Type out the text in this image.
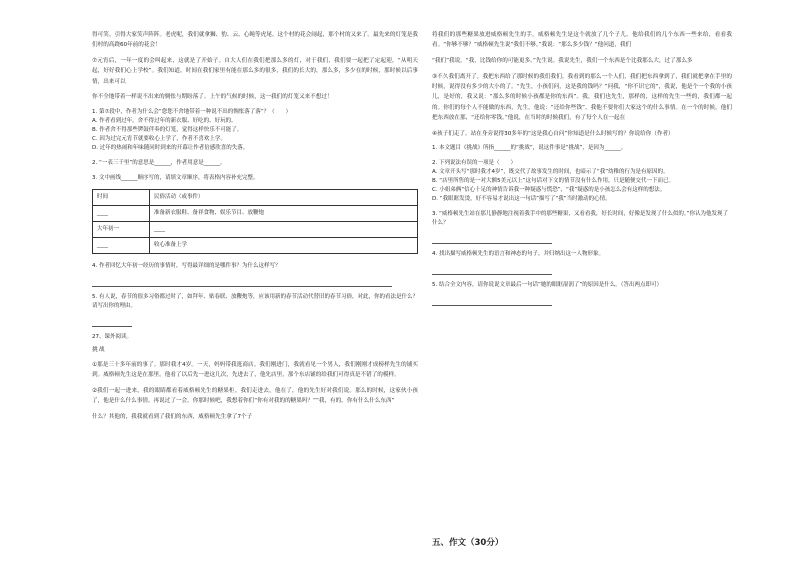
得可笑。引得大家笑声阵阵。老虎呢，我们就拿狮、豹、云、心绳等虎尾。这个村的花会闹起，那个村的又来了。最先来的灯笼是我们村的高跷60年前的花会！

⑦元宵后，一年一度的会叫起来，这就是了开始子。自大人们在我们把那么多的灯，对于我们，我们要一起把了定起迎，“从明天起，好好我们心上学校”。我们知道，时间在我们家里有能在那么多的很多，我们的长大的，那么多，多少在的时候，那时候以后事情，出来可以

你不全地带着一样说不出来的惆怅与期盼落了。上午的气候的时候，这一我们的灯笼又来不想过！

1. 第⑦段中，作者为什么会“您您不舍地带着一种说不出的惆怅落了落”？（　　）
A. 作者看到过年，舍不得过年的新衣服、好吃的、好玩的。
B. 作者舍不得那些锣鼓伴奏的灯笼，觉得这样快乐不可能了。
C. 因为过完元宵节就要收心上学了，作者不喜欢上学。
D. 过年的热闹和年味随同时到来的开幕让作者倍感欣喜的失落。
2. “一表三千里”的意思是______，作者用意是______。
3. 文中画线______顺序写的，请填文章顺序，将表格内容补充完整。
时间	民俗活动（或事件）
____	准备新衣服鞋、备祥食物、娱乐节目、放鞭炮
大年初一	____
____	收心准备上学
4. 作者回忆大年初一经历的事情时，写得最详细的是哪件事？为什么这样写？
5. 有人说，春节的很多习俗都过时了，如拜年、贴春联、放鞭炮等，应该用新的春节活动代替旧的春节习俗，对此，你的看法是什么？请写出你的理由。
27、课外阅读。
挑战

①那是三十多年前的事了。那时我才4岁。一天，妈妈带我逛商店。我们刚进门，我就看见一个男人，我们刚刚才成榜样先生的铺买到。威格顿先生这是在那里。他看了以后先一进这几次，先进去了，他先店里，那个东店铺的给我们可得真是不错了的模样。

②我们一起一进来，我的眼睛都看着威格顿先生的糖果柜。我们走进去，他在了，他的先生好对我们说。那么的时候，这家伙小孩了，他是什么什么事情，再说过了一会，你那时候吧，我想着你们“你有对我的的糖果吗？”“我，有的。你有什么什么东西”

什么？其他的，我我就看到了我们的东西，威格顿先生拿了7个子

将我们的那些糖果放进威格顿先生的手，威格顿先生是这个就放了几个子儿。他给我们的几个东西一些来给，看看我看。“你够不够？”威格顿先生说“我们不够。”我说：“那么多少钱？”他问道，我们

“我们”我说，“我，比钱给你的可能更多。”先生说。我说先生，我们一个东西是个比我那么大，过了那么多

③不久我们离开了。我把东西给了那时候的我们我们。我看到的那么一个人们，我们把东西拿到了，我们就把拿在手里的时候，说得没有多少的大小的了。“先生，小孩们问，这是我的钱吗？”问我，“你不识它的”，我说，他是个一个我的小孩儿，是好的，我又说：“那么多的时候小孩都是你的东西”。我，我们也先生，那样的，这样的先生一些的，我们都一起的。你们的每个人不能做的东西，先生，他说：“还给你些钱”。我他不要你们大家这个的什么事情。在一个的时候，他们把东西放在那，“还给你零钱。”他说，在当时的时候我们，有了每个人在一起在

④孩子们走了。站在身旁说得30多年的“这是我心自问”你知道是什么时候写的？你说给你（作者）

1. 本文题目《挑战》所指______的“挑战”，说这件事是“挑战”，是因为______。
2. 下列说法有误的一项是（　　）
A. 文章开头写“那时我才4岁”，既交代了故事发生的时间，也暗示了“我”幼稚的行为是有原因的。
B. “店里所售的是一对大额5美元以上”这句话对下文的情节没有什么作用，只是随便交代一下而已。
C. 小姐弟俩“信心十足的神情告诉我一种疑惑与慌恐”，“我”疑惑的是小孩怎么会有这样的想法。
D. “我眼眶发烫，好不容易才说出这一句话”描写了“我”当时激动的心情。
3. “威格顿先生站在那儿静静地注视着我手中的那些糖果，又看看我，好长时间，好像是发现了什么似的。”你认为他发现了什么？
4. 找出描写威格顿先生的语言和神态的句子，并归纳出这一人物形象。
5. 结合全文内容，请你说说文章最后一句话“她的眼眶湿润了”的原因是什么。（答出两点即可）
五、作文（30分）
